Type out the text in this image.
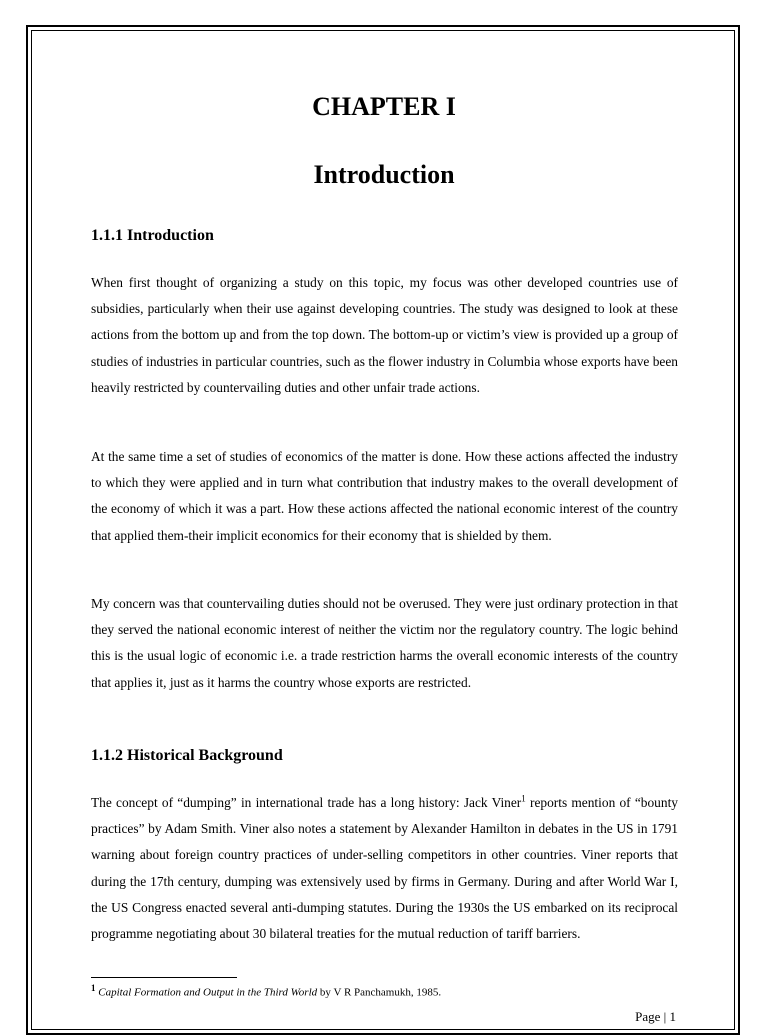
CHAPTER I
Introduction
1.1.1 Introduction

When first thought of organizing a study on this topic, my focus was other developed countries use of subsidies, particularly when their use against developing countries. The study was designed to look at these actions from the bottom up and from the top down. The bottom-up or victim’s view is provided up a group of studies of industries in particular countries, such as the flower industry in Columbia whose exports have been heavily restricted by countervailing duties and other unfair trade actions.

At the same time a set of studies of economics of the matter is done. How these actions affected the industry to which they were applied and in turn what contribution that industry makes to the overall development of the economy of which it was a part. How these actions affected the national economic interest of the country that applied them-their implicit economics for their economy that is shielded by them.

My concern was that countervailing duties should not be overused. They were just ordinary protection in that they served the national economic interest of neither the victim nor the regulatory country. The logic behind this is the usual logic of economic i.e. a trade restriction harms the overall economic interests of the country that applies it, just as it harms the country whose exports are restricted.

1.1.2 Historical Background

The concept of “dumping” in international trade has a long history: Jack Viner$^1$ reports mention of “bounty practices” by Adam Smith. Viner also notes a statement by Alexander Hamilton in debates in the US in 1791 warning about foreign country practices of under-selling competitors in other countries. Viner reports that during the 17th century, dumping was extensively used by firms in Germany. During and after World War I, the US Congress enacted several anti-dumping statutes. During the 1930s the US embarked on its reciprocal programme negotiating about 30 bilateral treaties for the mutual reduction of tariff barriers.

$^1$ Capital Formation and Output in the Third World by V R Panchamukh, 1985.

Page | 1
